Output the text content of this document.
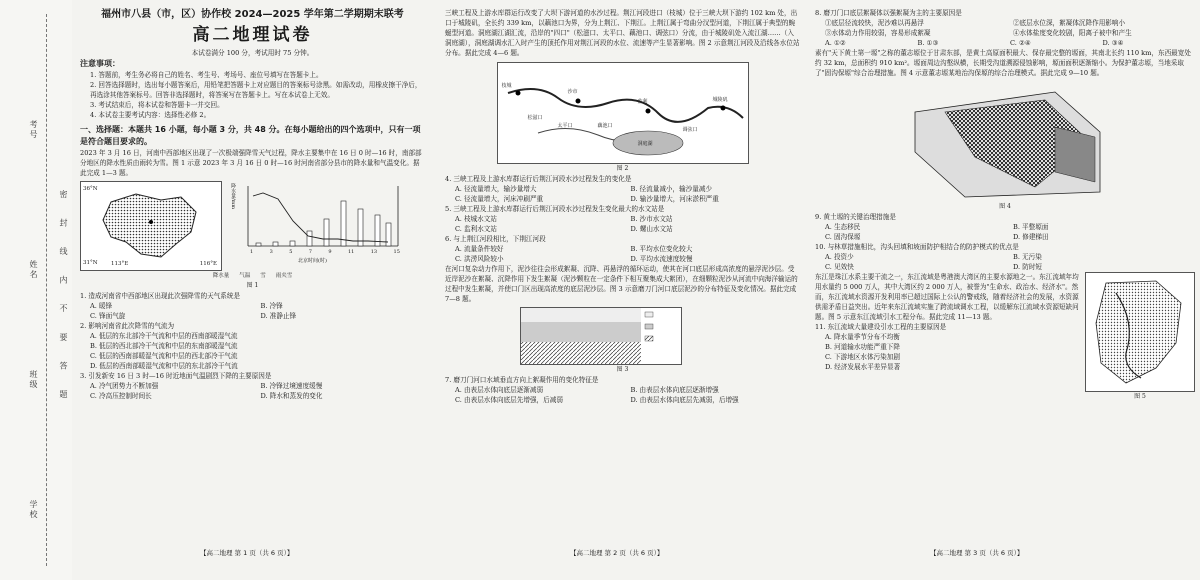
考号
姓名
班级
学校
密 封 线 内 不 要 答 题
福州市八县（市，区）协作校 2024—2025 学年第二学期期末联考
高二地理试卷
本试卷满分 100 分，考试用时 75 分钟。
注意事项：
1. 答题前，考生务必将自己的姓名、考生号、考场号、座位号填写在答题卡上。
2. 回答选择题时，选出每小题答案后，用铅笔把答题卡上对应题目的答案标号涂黑。如需改动，用橡皮擦干净后，再选涂其他答案标号。回答非选择题时，将答案写在答题卡上。写在本试卷上无效。
3. 考试结束后，将本试卷和答题卡一并交回。
4. 本试卷主要考试内容：选择性必修 2。
一、选择题：本题共 16 小题，每小题 3 分，共 48 分。在每小题给出的四个选项中，只有一项是符合题目要求的。
2023 年 3 月 16 日，河南中西部地区出现了一次极端强降雪天气过程，降水主要集中在 16 日 0 时—16 时，南部部分地区的降水性质由雨转为雪。图 1 示意 2023 年 3 月 16 日 0 时—16 时河南省部分县市的降水量和气温变化。据此完成 1—3 题。
36°N
31°N 113°E	116°E
降水量/mm
1	3	5	7	9	11	13	15
北京时间(时)
降水量 气温 雪 雨夹雪
图 1
1. 造成河南省中西部地区出现此次强降雪的天气系统是
A. 暖锋	B. 冷锋
C. 锋面气旋	D. 准静止锋
2. 影响河南省此次降雪的气流为
A. 低层的东北部冷干气流和中层的西南部暖湿气流
B. 低层的西北部冷干气流和中层的东南部暖湿气流
C. 低层的西南部暖湿气流和中层的西北部冷干气流
D. 低层的西南部暖湿气流和中层的东北部冷干气流
3. 引发新安 16 日 3 时—16 时近地面气温剧烈下降的主要原因是
A. 冷气团势力不断加强	B. 冷锋过境速度缓慢
C. 冷高压控制时间长	D. 降水和蒸发的变化
【高二地理 第 1 页（共 6 页）】
三峡工程及上游水库群运行改变了大坝下游河道的水沙过程。荆江河段进口（枝城）位于三峡大坝下游约 102 km 处，出口于城陵矶，全长约 339 km，以藕池口为界，分为上荆江、下荆江。上荆江属于弯曲分汊型河道，下荆江属于典型的蜿蜒型河道。洞庭湖江湖汇流，沿岸的"四口"（松滋口、太平口、藕池口、调弦口）分流，由于城陵矶处入流江湖……（入洞庭湖），洞庭湖调水汇入时产生的顶托作用对荆江河段的水位、流速等产生显著影响。图 2 示意荆江河段及沿线各水位站分布。据此完成 4—6 题。
枝城
沙市
监利	城陵矶
洞庭湖
松滋口
太平口	藕池口
调弦口
图 2
4. 三峡工程及上游水库群运行后荆江河段水沙过程发生的变化是
A. 径流量增大，输沙量增大	B. 径流量减小，输沙量减少
C. 径流量增大，河床冲刷严重	D. 输沙量增大，河床淤积严重
5. 三峡工程及上游水库群运行后荆江河段水沙过程发生变化最大的水文站是
A. 枝城水文站	B. 沙市水文站
C. 监利水文站	D. 螺山水文站
6. 与上荆江河段相比，下荆江河段
A. 流量条件较好	B. 平均水位变化较大
C. 洪涝风险较小	D. 平均水流速度较慢
在河口复杂动力作用下，泥沙往往会形成絮凝、沉降、再悬浮的循环运动，使其在河口底层形成高浓度的悬浮泥沙层。受近岸泥沙在絮凝、沉降作用下发生絮凝（泥沙颗粒在一定条件下相互聚集成大絮团），在细颗粒泥沙从河流中向海洋输运的过程中发生絮凝，并使口门区出现高浓度的底层泥沙层。图 3 示意磨刀门河口底层泥沙的分布特征及变化情况。据此完成 7—8 题。
图 3
7. 磨刀门河口水域垂直方向上絮凝作用的变化特征是
A. 由表层水体向底层逐渐减弱	B. 由表层水体向底层逐渐增强
C. 由表层水体向底层先增强，后减弱	D. 由表层水体向底层先减弱，后增强
【高二地理 第 2 页（共 6 页）】
8. 磨刀门口底层絮凝体以强絮凝为主的主要原因是
①底层径流较快，泥沙难以再悬浮	②底层水位深，絮凝体沉降作用影响小
③水体动力作用较弱，容易形成絮凝	④水体盐度变化较剧，阳离子被中和产生
A. ①②	B. ①③	C. ②④	D. ③④
素有"天下黄土第一塬"之称的董志塬位于甘肃东部，是黄土高原面积最大、保存最完整的塬面，其南北长约 110 km，东西最宽处约 32 km，总面积约 910 km²。塬面周边沟壑纵横，长期受沟道溯源侵蚀影响，塬面面积逐渐缩小。为保护董志塬，当地采取了"固沟保塬"综合治理措施。图 4 示意董志塬某地治沟保塬的综合治理模式。据此完成 9—10 题。
图 4
9. 黄土塬的关键治理措施是
A. 生态移民	B. 平整塬面
C. 固沟保塬	D. 修建梯田
10. 与林草措施相比，沟头回填和坡面防护相结合的防护模式的优点是
A. 投资少	B. 无污染
C. 见效快	D. 防时短
东江是珠江水系主要干流之一，东江流域是粤港澳大湾区的主要水源地之一。东江流域年均用水量约 5 000 万人，其中大湾区约 2 000 万人，被誉为"生命水、政治水、经济水"。然而，东江流域水资源开发利用率已超过国际上公认的警戒线，随着经济社会的发展，水资源供需矛盾日益突出。近年来东江流域实施了跨流域调水工程，以缓解东江流域水资源短缺问题。图 5 示意东江流域引水工程分布。据此完成 11—13 题。
11. 东江流域大量建设引水工程的主要原因是
A. 降水量季节分布不均衡
B. 河道输水功能严重下降
C. 下游地区水体污染加剧
D. 经济发展水平差异显著
图 5
【高二地理 第 3 页（共 6 页）】
